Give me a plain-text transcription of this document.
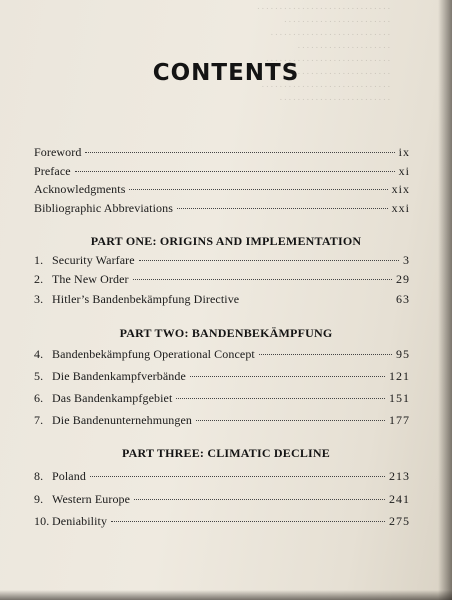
. . . . . . . . . . . . . . . . . . . . . . . . . . . . . .
. . . . . . . . . . . . . . . . . . . . . . . .
. . . . . . . . . . . . . . . . . . . . . . . . . . .
. . . . . . . . . . . . . . . . . . . . .
. . . . . . . . . . . . . . . . . . . . . . . . . . . .
. . . . . . . . . . . . . . . . . . . . . .
. . . . . . . . . . . . . . . . . . . . . . . . . . . . .
. . . . . . . . . . . . . . . . . . . . . . . . .
CONTENTS
Foreword	ix
Preface	xi
Acknowledgments	xix
Bibliographic Abbreviations	xxi
PART ONE: ORIGINS AND IMPLEMENTATION
1. Security Warfare	3
2. The New Order	29
3. Hitler’s Bandenbekämpfung Directive	63
PART TWO: BANDENBEKÄMPFUNG
4. Bandenbekämpfung Operational Concept	95
5. Die Bandenkampfverbände	121
6. Das Bandenkampfgebiet	151
7. Die Bandenunternehmungen	177
PART THREE: CLIMATIC DECLINE
8. Poland	213
9. Western Europe	241
10. Deniability	275
